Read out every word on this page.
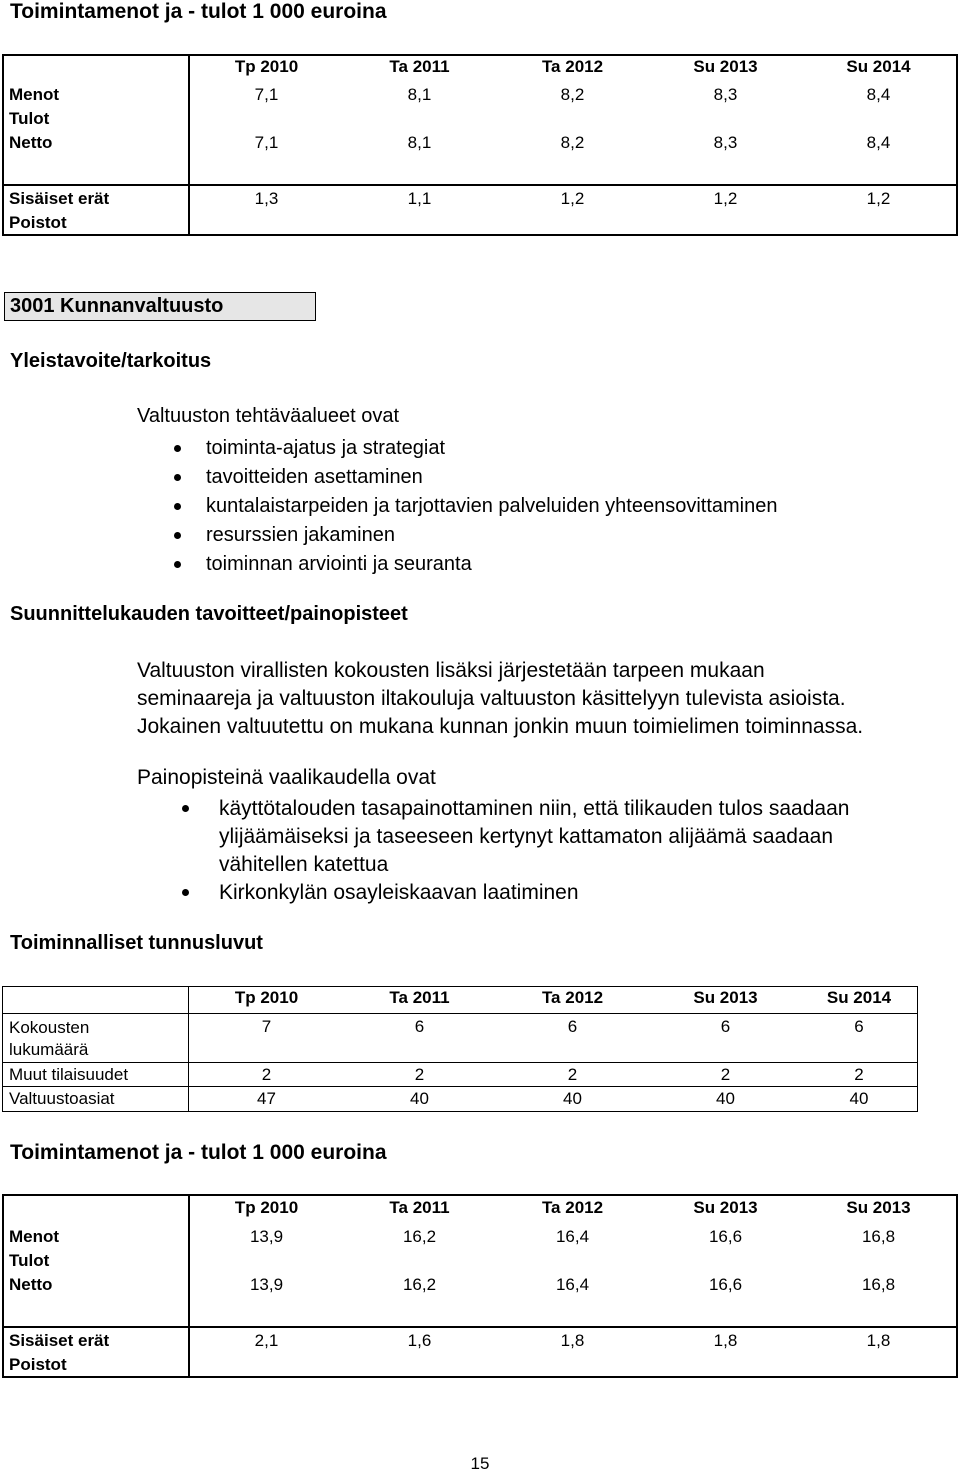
Toimintamenot ja - tulot 1 000 euroina
	Tp 2010	Ta 2011	Ta 2012	Su 2013	Su 2014
Menot	7,1	8,1	8,2	8,3	8,4
Tulot					
Netto	7,1	8,1	8,2	8,3	8,4
Sisäiset erät	1,3	1,1	1,2	1,2	1,2
Poistot					
3001 Kunnanvaltuusto
Yleistavoite/tarkoitus
Valtuuston tehtäväalueet ovat
toiminta-ajatus ja strategiat
tavoitteiden asettaminen
kuntalaistarpeiden ja tarjottavien palveluiden yhteensovittaminen
resurssien jakaminen
toiminnan arviointi ja seuranta
Suunnittelukauden tavoitteet/painopisteet
Valtuuston virallisten kokousten lisäksi järjestetään tarpeen mukaan
seminaareja ja valtuuston iltakouluja valtuuston käsittelyyn tulevista asioista.
Jokainen valtuutettu on mukana kunnan jonkin muun toimielimen toiminnassa.
Painopisteinä vaalikaudella ovat
käyttötalouden tasapainottaminen niin, että tilikauden tulos saadaan
ylijäämäiseksi ja taseeseen kertynyt kattamaton alijäämä saadaan
vähitellen katettua
Kirkonkylän osayleiskaavan laatiminen
Toiminnalliset tunnusluvut
Tp 2010	Ta 2011	Ta 2012	Su 2013	Su 2014
Kokousten
lukumäärä
7	6	6	6	6
Muut tilaisuudet	2	2	2	2	2
Valtuustoasiat	47	40	40	40	40
Toimintamenot ja - tulot 1 000 euroina
	Tp 2010	Ta 2011	Ta 2012	Su 2013	Su 2013
Menot	13,9	16,2	16,4	16,6	16,8
Tulot					
Netto	13,9	16,2	16,4	16,6	16,8
Sisäiset erät	2,1	1,6	1,8	1,8	1,8
Poistot					
15
